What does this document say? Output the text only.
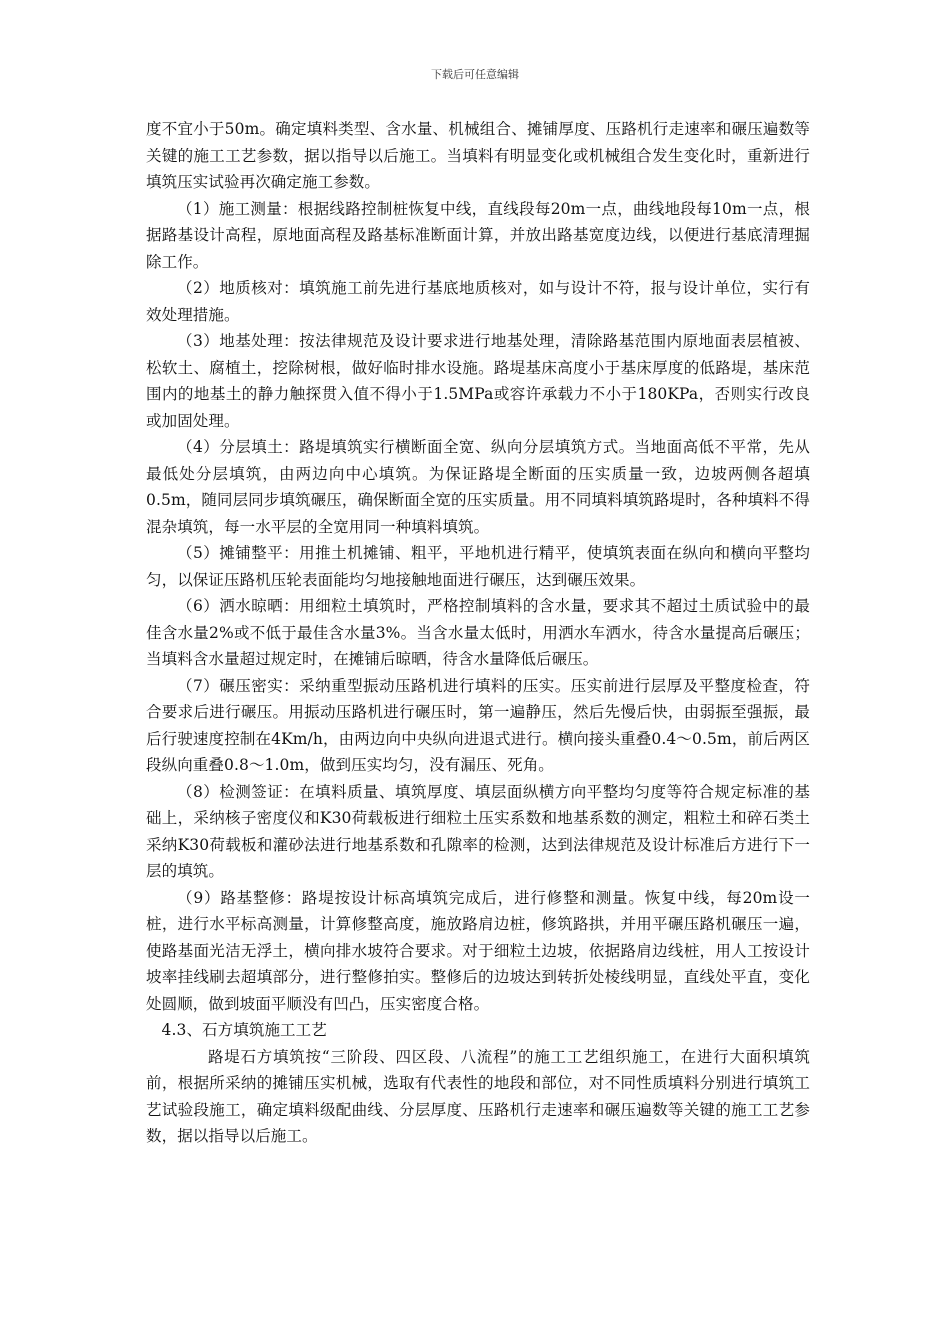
下载后可任意编辑

度不宜小于50m。确定填料类型、含水量、机械组合、摊铺厚度、压路机行走速率和碾压遍数等关键的施工工艺参数，据以指导以后施工。当填料有明显变化或机械组合发生变化时，重新进行填筑压实试验再次确定施工参数。

（1）施工测量：根据线路控制桩恢复中线，直线段每20m一点，曲线地段每10m一点，根据路基设计高程，原地面高程及路基标准断面计算，并放出路基宽度边线，以便进行基底清理掘除工作。

（2）地质核对：填筑施工前先进行基底地质核对，如与设计不符，报与设计单位，实行有效处理措施。

（3）地基处理：按法律规范及设计要求进行地基处理，清除路基范围内原地面表层植被、松软土、腐植土，挖除树根，做好临时排水设施。路堤基床高度小于基床厚度的低路堤，基床范围内的地基土的静力触探贯入值不得小于1.5MPa或容许承载力不小于180KPa，否则实行改良或加固处理。

（4）分层填土：路堤填筑实行横断面全宽、纵向分层填筑方式。当地面高低不平常，先从最低处分层填筑，由两边向中心填筑。为保证路堤全断面的压实质量一致，边坡两侧各超填0.5m，随同层同步填筑碾压，确保断面全宽的压实质量。用不同填料填筑路堤时，各种填料不得混杂填筑，每一水平层的全宽用同一种填料填筑。

（5）摊铺整平：用推土机摊铺、粗平，平地机进行精平，使填筑表面在纵向和横向平整均匀，以保证压路机压轮表面能均匀地接触地面进行碾压，达到碾压效果。

（6）洒水晾晒：用细粒土填筑时，严格控制填料的含水量，要求其不超过土质试验中的最佳含水量2%或不低于最佳含水量3%。当含水量太低时，用洒水车洒水，待含水量提高后碾压；当填料含水量超过规定时，在摊铺后晾晒，待含水量降低后碾压。

（7）碾压密实：采纳重型振动压路机进行填料的压实。压实前进行层厚及平整度检查，符合要求后进行碾压。用振动压路机进行碾压时，第一遍静压，然后先慢后快，由弱振至强振，最后行驶速度控制在4Km/h，由两边向中央纵向进退式进行。横向接头重叠0.4～0.5m，前后两区段纵向重叠0.8～1.0m，做到压实均匀，没有漏压、死角。

（8）检测签证：在填料质量、填筑厚度、填层面纵横方向平整均匀度等符合规定标准的基础上，采纳核子密度仪和K30荷载板进行细粒土压实系数和地基系数的测定，粗粒土和碎石类土采纳K30荷载板和灌砂法进行地基系数和孔隙率的检测，达到法律规范及设计标准后方进行下一层的填筑。

（9）路基整修：路堤按设计标高填筑完成后，进行修整和测量。恢复中线，每20m设一桩，进行水平标高测量，计算修整高度，施放路肩边桩，修筑路拱，并用平碾压路机碾压一遍，使路基面光洁无浮土，横向排水坡符合要求。对于细粒土边坡，依据路肩边线桩，用人工按设计坡率挂线刷去超填部分，进行整修拍实。整修后的边坡达到转折处棱线明显，直线处平直，变化处圆顺，做到坡面平顺没有凹凸，压实密度合格。

4.3、石方填筑施工工艺

路堤石方填筑按“三阶段、四区段、八流程”的施工工艺组织施工，在进行大面积填筑前，根据所采纳的摊铺压实机械，选取有代表性的地段和部位，对不同性质填料分别进行填筑工艺试验段施工，确定填料级配曲线、分层厚度、压路机行走速率和碾压遍数等关键的施工工艺参数，据以指导以后施工。
